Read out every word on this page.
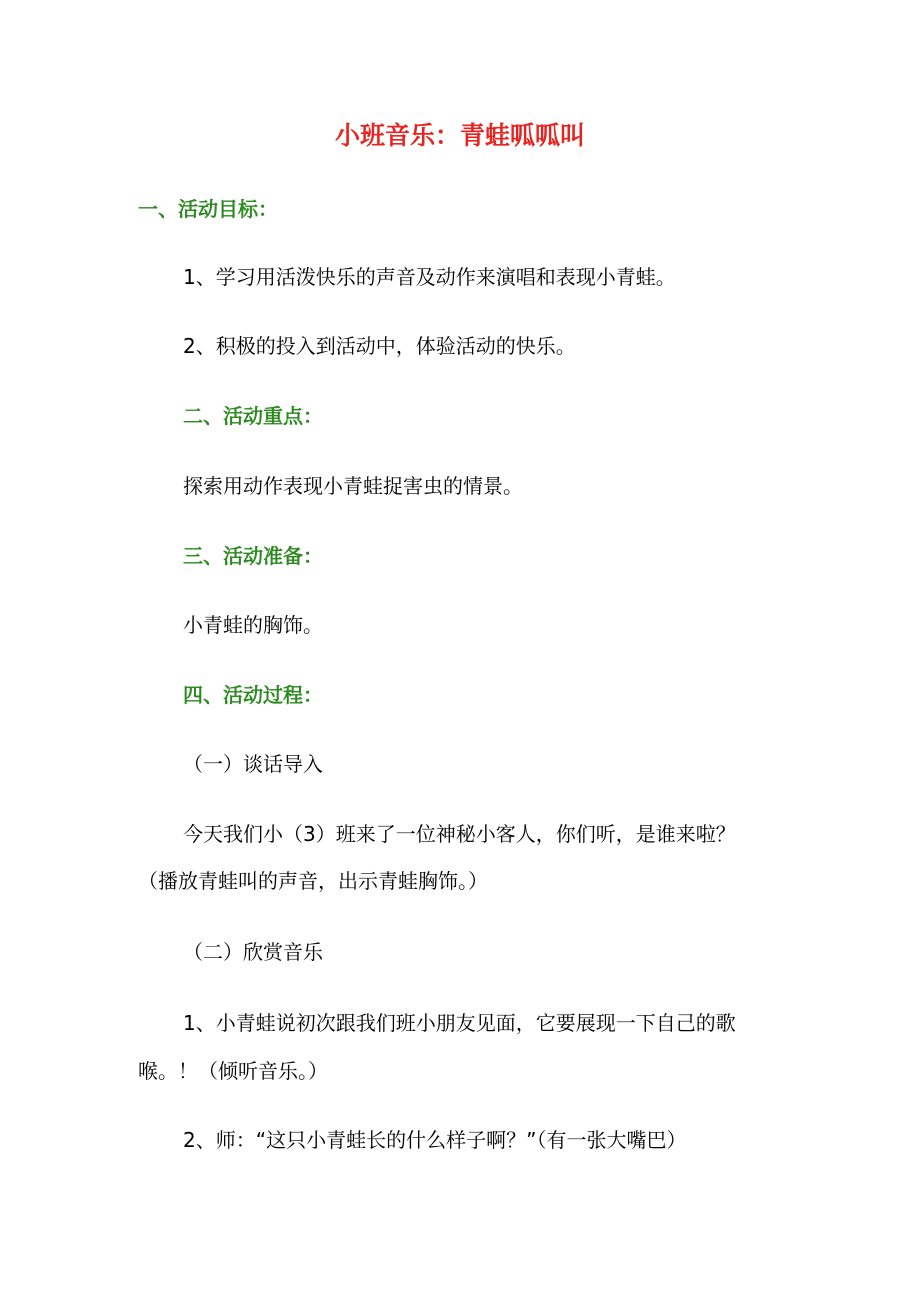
小班音乐：青蛙呱呱叫
一、活动目标：
1、学习用活泼快乐的声音及动作来演唱和表现小青蛙。
2、积极的投入到活动中，体验活动的快乐。
二、活动重点：
探索用动作表现小青蛙捉害虫的情景。
三、活动准备：
小青蛙的胸饰。
四、活动过程：
（一）谈话导入
今天我们小（3）班来了一位神秘小客人，你们听，是谁来啦？
（播放青蛙叫的声音，出示青蛙胸饰。）
（二）欣赏音乐
1、小青蛙说初次跟我们班小朋友见面，它要展现一下自己的歌
喉。！（倾听音乐。）
2、师：“这只小青蛙长的什么样子啊？”（有一张大嘴巴）
